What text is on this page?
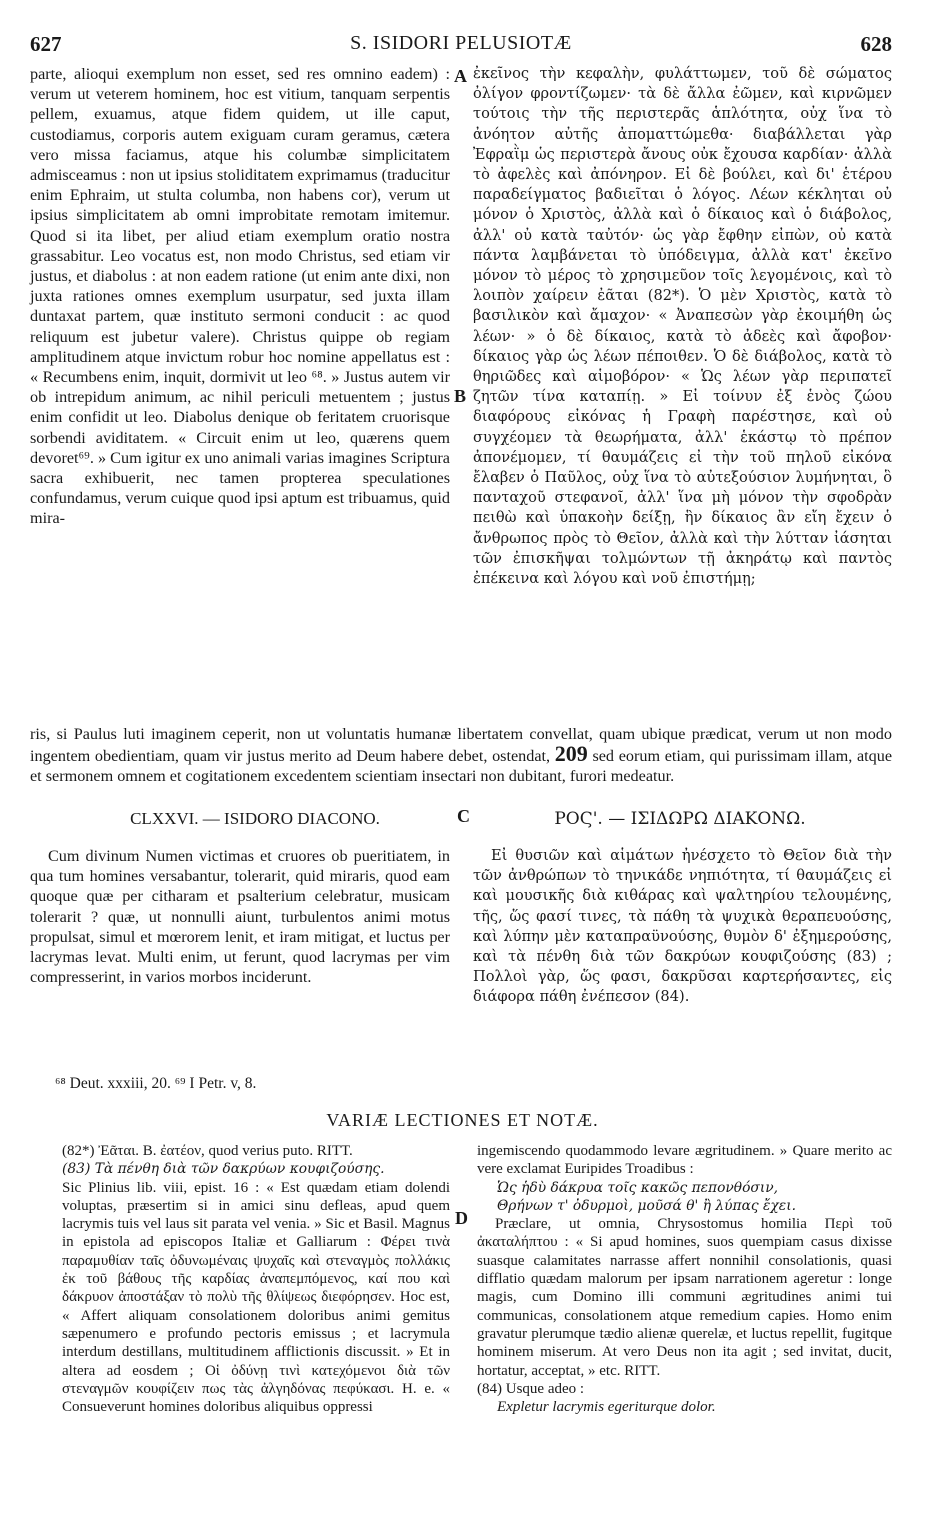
627	S. ISIDORI PELUSIOTÆ	628

parte, alioqui exemplum non esset, sed res omnino eadem) : verum ut veterem hominem, hoc est vitium, tanquam serpentis pellem, exuamus, atque fidem quidem, ut ille caput, custodiamus, corporis autem exiguam curam geramus, cætera vero missa faciamus, atque his columbæ simplicitatem admisceamus : non ut ipsius stoliditatem exprimamus (traducitur enim Ephraim, ut stulta columba, non habens cor), verum ut ipsius simplicitatem ab omni improbitate remotam imitemur. Quod si ita libet, per aliud etiam exemplum oratio nostra grassabitur. Leo vocatus est, non modo Christus, sed etiam vir justus, et diabolus : at non eadem ratione (ut enim ante dixi, non juxta rationes omnes exemplum usurpatur, sed juxta illam duntaxat partem, quæ instituto sermoni conducit : ac quod reliquum est jubetur valere). Christus quippe ob regiam amplitudinem atque invictum robur hoc nomine appellatus est : « Recumbens enim, inquit, dormivit ut leo ⁶⁸. » Justus autem vir ob intrepidum animum, ac nihil periculi metuentem ; justus enim confidit ut leo. Diabolus denique ob feritatem cruorisque sorbendi aviditatem. « Circuit enim ut leo, quærens quem devoret⁶⁹. » Cum igitur ex uno animali varias imagines Scriptura sacra exhibuerit, nec tamen propterea speculationes confundamus, verum cuique quod ipsi aptum est tribuamus, quid mira-

ἐκεῖνος τὴν κεφαλὴν, φυλάττωμεν, τοῦ δὲ σώματος ὀλίγον φροντίζωμεν· τὰ δὲ ἄλλα ἐῶμεν, καὶ κιρνῶμεν τούτοις τὴν τῆς περιστερᾶς ἁπλότητα, οὐχ ἵνα τὸ ἀνόητον αὐτῆς ἀποματτώμεθα· διαβάλλεται γὰρ Ἐφραῒμ ὡς περιστερὰ ἄνους οὐκ ἔχουσα καρδίαν· ἀλλὰ τὸ ἀφελὲς καὶ ἀπόνηρον. Εἰ δὲ βούλει, καὶ δι' ἑτέρου παραδείγματος βαδιεῖται ὁ λόγος. Λέων κέκληται οὐ μόνον ὁ Χριστὸς, ἀλλὰ καὶ ὁ δίκαιος καὶ ὁ διάβολος, ἀλλ' οὐ κατὰ ταὐτόν· ὡς γὰρ ἔφθην εἰπὼν, οὐ κατὰ πάντα λαμβάνεται τὸ ὑπόδειγμα, ἀλλὰ κατ' ἐκεῖνο μόνον τὸ μέρος τὸ χρησιμεῦον τοῖς λεγομένοις, καὶ τὸ λοιπὸν χαίρειν ἐᾶται (82*). Ὁ μὲν Χριστὸς, κατὰ τὸ βασιλικὸν καὶ ἄμαχον· « Ἀναπεσὼν γὰρ ἐκοιμήθη ὡς λέων· » ὁ δὲ δίκαιος, κατὰ τὸ ἀδεὲς καὶ ἄφοβον· δίκαιος γὰρ ὡς λέων πέποιθεν. Ὁ δὲ διάβολος, κατὰ τὸ θηριῶδες καὶ αἱμοβόρον· « Ὡς λέων γὰρ περιπατεῖ ζητῶν τίνα καταπίῃ. » Εἰ τοίνυν ἐξ ἑνὸς ζώου διαφόρους εἰκόνας ἡ Γραφὴ παρέστησε, καὶ οὐ συγχέομεν τὰ θεωρήματα, ἀλλ' ἑκάστῳ τὸ πρέπον ἀπονέμομεν, τί θαυμάζεις εἰ τὴν τοῦ πηλοῦ εἰκόνα ἔλαβεν ὁ Παῦλος, οὐχ ἵνα τὸ αὐτεξούσιον λυμήνηται, ὃ πανταχοῦ στεφανοῖ, ἀλλ' ἵνα μὴ μόνον τὴν σφοδρὰν πειθὼ καὶ ὑπακοὴν δείξῃ, ἣν δίκαιος ἂν εἴη ἔχειν ὁ ἄνθρωπος πρὸς τὸ Θεῖον, ἀλλὰ καὶ τὴν λύτταν ἰάσηται τῶν ἐπισκῆψαι τολμώντων τῇ ἀκηράτῳ καὶ παντὸς ἐπέκεινα καὶ λόγου καὶ νοῦ ἐπιστήμῃ;

A
B
C
D
ris, si Paulus luti imaginem ceperit, non ut voluntatis humanæ libertatem convellat, quam ubique prædicat, verum ut non modo ingentem obedientiam, quam vir justus merito ad Deum habere debet, ostendat, 209 sed eorum etiam, qui purissimam illam, atque et sermonem omnem et cogitationem excedentem scientiam insectari non dubitant, furori medeatur.
CLXXVI. — ISIDORO DIACONO.	ΡΟϚ'. — ΙΣΙΔΩΡΩ ΔΙΑΚΟΝΩ.

Cum divinum Numen victimas et cruores ob pueritiatem, in qua tum homines versabantur, tolerarit, quid miraris, quod eam quoque quæ per citharam et psalterium celebratur, musicam tolerarit ? quæ, ut nonnulli aiunt, turbulentos animi motus propulsat, simul et mœrorem lenit, et iram mitigat, et luctus per lacrymas levat. Multi enim, ut ferunt, quod lacrymas per vim compresserint, in varios morbos inciderunt.

Εἰ θυσιῶν καὶ αἱμάτων ἠνέσχετο τὸ Θεῖον διὰ τὴν τῶν ἀνθρώπων τὸ τηνικάδε νηπιότητα, τί θαυμάζεις εἰ καὶ μουσικῆς διὰ κιθάρας καὶ ψαλτηρίου τελουμένης, τῆς, ὥς φασί τινες, τὰ πάθη τὰ ψυχικὰ θεραπευούσης, καὶ λύπην μὲν καταπραϋνούσης, θυμὸν δ' ἐξημερούσης, καὶ τὰ πένθη διὰ τῶν δακρύων κουφιζούσης (83) ; Πολλοὶ γὰρ, ὥς φασι, δακρῦσαι καρτερήσαντες, εἰς διάφορα πάθη ἐνέπεσον (84).

⁶⁸ Deut. xxxiii, 20. ⁶⁹ I Petr. v, 8.
VARIÆ LECTIONES ET NOTÆ.

(82*) Ἐᾶται. B. ἐατέον, quod verius puto. RITT.

(83) Τὰ πένθη διὰ τῶν δακρύων κουφιζούσης.

Sic Plinius lib. viii, epist. 16 : « Est quædam etiam dolendi voluptas, præsertim si in amici sinu defleas, apud quem lacrymis tuis vel laus sit parata vel venia. » Sic et Basil. Magnus in epistola ad episcopos Italiæ et Galliarum : Φέρει τινὰ παραμυθίαν ταῖς ὀδυνωμέναις ψυχαῖς καὶ στεναγμὸς πολλάκις ἐκ τοῦ βάθους τῆς καρδίας ἀναπεμπόμενος, καί που καὶ δάκρυον ἀποστάξαν τὸ πολὺ τῆς θλίψεως διεφόρησεν. Hoc est, « Affert aliquam consolationem doloribus animi gemitus sæpenumero e profundo pectoris emissus ; et lacrymula interdum destillans, multitudinem afflictionis discussit. » Et in altera ad eosdem ; Οἱ ὀδύνῃ τινὶ κατεχόμενοι διὰ τῶν στεναγμῶν κουφίζειν πως τὰς ἀλγηδόνας πεφύκασι. H. e. « Consueverunt homines doloribus aliquibus oppressi

ingemiscendo quodammodo levare ægritudinem. » Quare merito ac vere exclamat Euripides Troadibus :

Ὡς ἡδὺ δάκρυα τοῖς κακῶς πεπονθόσιν,

Θρήνων τ' ὀδυρμοὶ, μοῦσά θ' ἢ λύπας ἔχει.

Præclare, ut omnia, Chrysostomus homilia Περὶ τοῦ ἀκαταλήπτου : « Si apud homines, suos quempiam casus dixisse suasque calamitates narrasse affert nonnihil consolationis, quasi difflatio quædam malorum per ipsam narrationem ageretur : longe magis, cum Domino illi communi ægritudines animi tui communicas, consolationem atque remedium capies. Homo enim gravatur plerumque tædio alienæ querelæ, et luctus repellit, fugitque hominem miserum. At vero Deus non ita agit ; sed invitat, ducit, hortatur, acceptat, » etc. RITT.

(84) Usque adeo :

Expletur lacrymis egeriturque dolor.
